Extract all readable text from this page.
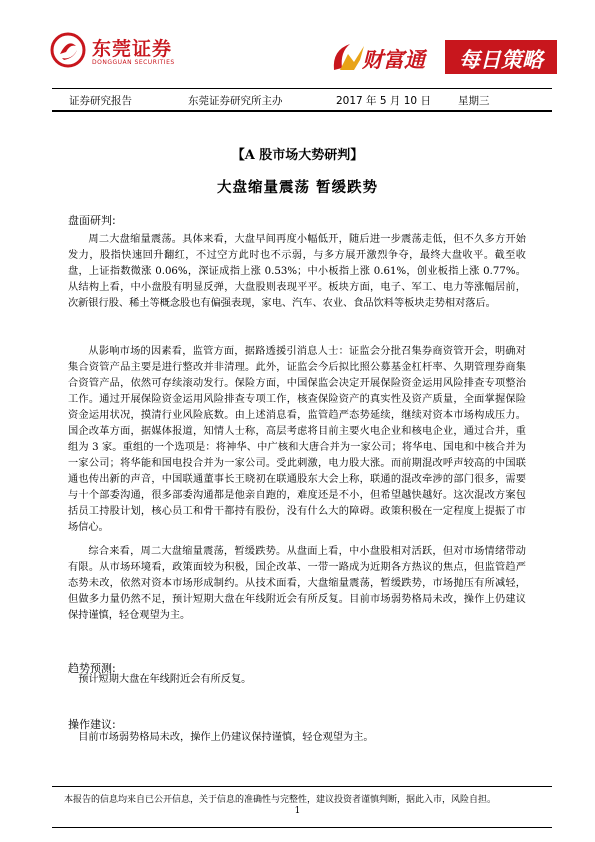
东莞证券
DONGGUAN SECURITIES	财富通	每日策略
证券研究报告	东莞证券研究所主办	2017 年 5 月 10 日	星期三
【A 股市场大势研判】
大盘缩量震荡 暂缓跌势
盘面研判:
周二大盘缩量震荡。具体来看，大盘早间再度小幅低开，随后进一步震荡走低，但不久多方开始发力，股指快速回升翻红，不过空方此时也不示弱，与多方展开激烈争夺，最终大盘收平。截至收盘，上证指数微涨 0.06%，深证成指上涨 0.53%；中小板指上涨 0.61%，创业板指上涨 0.77%。从结构上看，中小盘股有明显反弹，大盘股则表现平平。板块方面，电子、军工、电力等涨幅居前，次新银行股、稀土等概念股也有偏强表现，家电、汽车、农业、食品饮料等板块走势相对落后。
从影响市场的因素看，监管方面，据路透援引消息人士：证监会分批召集券商资管开会，明确对集合资管产品主要是进行整改并非清理。此外，证监会今后拟比照公募基金杠杆率、久期管理券商集合资管产品，依然可存续滚动发行。保险方面，中国保监会决定开展保险资金运用风险排查专项整治工作。通过开展保险资金运用风险排查专项工作，核查保险资产的真实性及资产质量，全面掌握保险资金运用状况，摸清行业风险底数。由上述消息看，监管趋严态势延续，继续对资本市场构成压力。国企改革方面，据媒体报道，知情人士称，高层考虑将目前主要火电企业和核电企业，通过合并，重组为 3 家。重组的一个选项是：将神华、中广核和大唐合并为一家公司；将华电、国电和中核合并为一家公司；将华能和国电投合并为一家公司。受此刺激，电力股大涨。而前期混改呼声较高的中国联通也传出新的声音，中国联通董事长王晓初在联通股东大会上称，联通的混改牵涉的部门很多，需要与十个部委沟通，很多部委沟通都是他亲自跑的，难度还是不小，但希望越快越好。这次混改方案包括员工持股计划，核心员工和骨干都持有股份，没有什么大的障碍。政策积极在一定程度上提振了市场信心。
综合来看，周二大盘缩量震荡，暂缓跌势。从盘面上看，中小盘股相对活跃，但对市场情绪带动有限。从市场环境看，政策面较为积极，国企改革、一带一路成为近期各方热议的焦点，但监管趋严态势未改，依然对资本市场形成制约。从技术面看，大盘缩量震荡，暂缓跌势，市场抛压有所减轻，但做多力量仍然不足，预计短期大盘在年线附近会有所反复。目前市场弱势格局未改，操作上仍建议保持谨慎，轻仓观望为主。
趋势预测:
预计短期大盘在年线附近会有所反复。
操作建议:
目前市场弱势格局未改，操作上仍建议保持谨慎，轻仓观望为主。
本报告的信息均来自已公开信息，关于信息的准确性与完整性，建议投资者谨慎判断，据此入市，风险自担。
1
